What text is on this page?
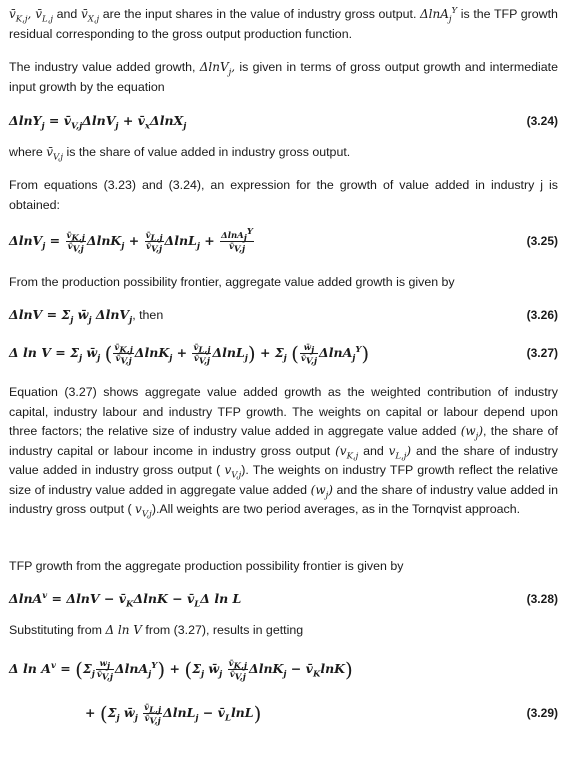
$v̄_{K,j}$, $v̄_{L,j}$ and $v̄_{X,j}$ are the input shares in the value of industry gross output. ΔlnA$_j^Y$ is the TFP growth residual corresponding to the gross output production function.

The industry value added growth, ΔlnV$_j$, is given in terms of gross output growth and intermediate input growth by the equation

$\Delta\ln Y_j = v̄_{V,j}\Delta\ln V_j$ + $v̄_x\Delta\ln X_j$	(3.24)

where $v̄_{V,j}$ is the share of value added in industry gross output.

From equations (3.23) and (3.24), an expression for the growth of value added in industry j is obtained:

$\Delta\ln V_j = \frac{v̄_{K,j}}{v̄_{V,j}} \Delta\ln K_j + \frac{v̄_{L,j}}{v̄_{V,j}} \Delta\ln L_j + \frac{\Delta\ln A_j^Y}{v̄_{V,j}}$	(3.25)

From the production possibility frontier, aggregate value added growth is given by

$\Delta\ln V = \Sigma_j$ $w̄_j$ ΔlnV$_j$, then	(3.26)
Δ $\ln V = \Sigma_j$ $w̄_j$ ( $\frac{v̄_{K,j}}{v̄_{V,j}} \Delta\ln K_j + \frac{v̄_{L,j}}{v̄_{V,j}} \Delta\ln L_j) + \Sigma_j$ ( $\frac{w̄_j}{v̄_{V,j}} \Delta\ln A_j^Y$)	(3.27)

Equation (3.27) shows aggregate value added growth as the weighted contribution of industry capital, industry labour and industry TFP growth. The weights on capital or labour depend upon three factors; the relative size of industry value added in aggregate value added $(w_j)$, the share of industry capital or labour income in industry gross output ($v_{K,j}$ and $v_{L,j}$) and the share of industry value added in industry gross output ( $v_{V,j}$). The weights on industry TFP growth reflect the relative size of industry value added in aggregate value added $(w_j)$ and the share of industry value added in industry gross output ( $v_{V,j}).All$ weights are two period averages, as in the Tornqvist approach.

TFP growth from the aggregate production possibility frontier is given by

$\Delta\ln A^v = \Delta\ln V - v̄_K\Delta\ln K$ − $v̄_L\Delta$ ln L	(3.28)

Substituting from Δ ln V from (3.27), results in getting

Δ $\ln A^v = (\Sigma_j \frac{w_j}{v̄_{V,j}} \Delta\ln A_j^Y) + (\Sigma_j$ $w̄_j \frac{v̄_{K,j}}{v̄_{V,j}} \Delta\ln K_j$ − $v̄_K\ln K$)
+ ($\Sigma_j$ $w̄_j \frac{v̄_{L,j}}{v̄_{V,j}} \Delta\ln L_j$ − $v̄_L\ln L$)	(3.29)
